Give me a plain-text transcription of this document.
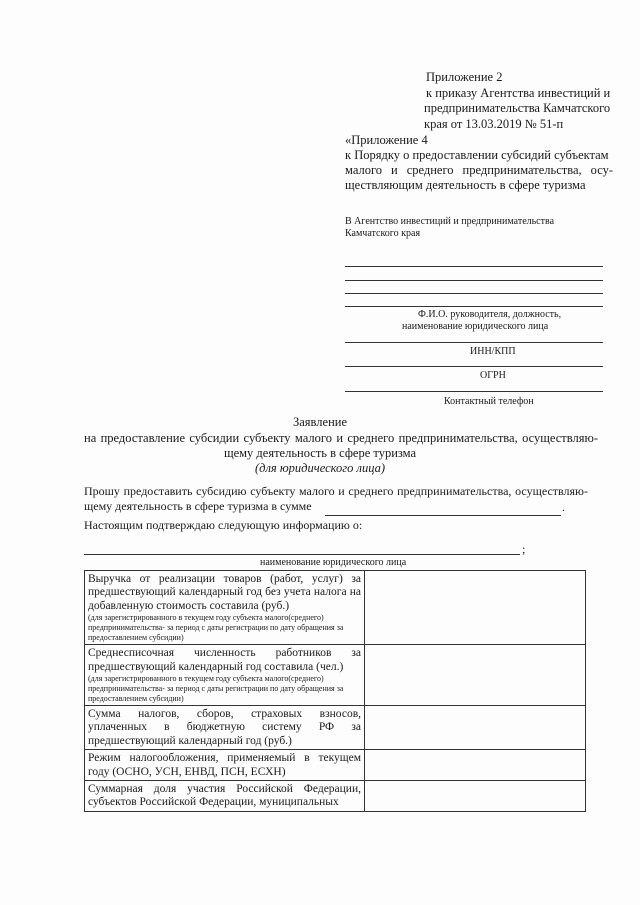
Приложение 2
к приказу Агентства инвестиций и
предпринимательства Камчатского
края от 13.03.2019 № 51-п
«Приложение 4
к Порядку о предоставлении субсидий субъектам
малого и среднего предпринимательства, осу-
ществляющим деятельность в сфере туризма
В Агентство инвестиций и предпринимательства
Камчатского края
Ф.И.О. руководителя, должность,
наименование юридического лица
ИНН/КПП
ОГРН
Контактный телефон
Заявление
на предоставление субсидии субъекту малого и среднего предпринимательства, осуществляю-
щему деятельность в сфере туризма
(для юридического лица)
Прошу предоставить субсидию субъекту малого и среднего предпринимательства, осуществляю-
щему деятельность в сфере туризма в сумме	.
Настоящим подтверждаю следующую информацию о:
;
наименование юридического лица
Выручка от реализации товаров (работ, услуг) за предшествующий календарный год без учета налога на добавленную стоимость составила (руб.)
(для зарегистрированного в текущем году субъекта малого(среднего) предпринимательства- за период с даты регистрации по дату обращения за предоставлением субсидии)	

Среднесписочная численность работников за предшествующий календарный год составила (чел.)
(для зарегистрированного в текущем году субъекта малого(среднего) предпринимательства- за период с даты регистрации по дату обращения за предоставлением субсидии)	

Сумма налогов, сборов, страховых взносов, уплаченных в бюджетную систему РФ за предшествующий календарный год (руб.)	

Режим налогообложения, применяемый в текущем году (ОСНО, УСН, ЕНВД, ПСН, ЕСХН)	

Суммарная доля участия Российской Федерации, субъектов Российской Федерации, муниципальных	
